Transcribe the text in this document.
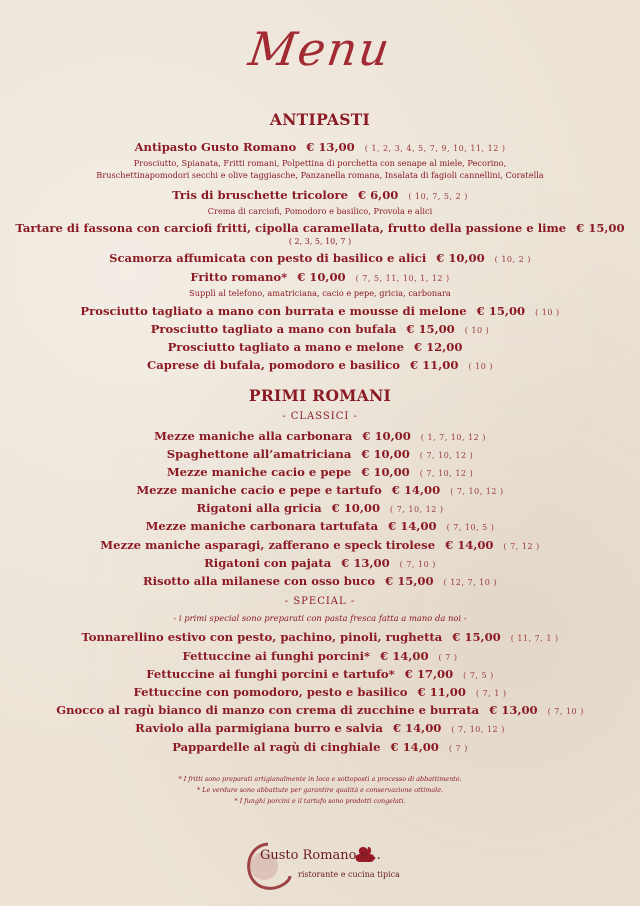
Menu
ANTIPASTI
Antipasto Gusto Romano € 13,00 ( 1, 2, 3, 4, 5, 7, 9, 10, 11, 12 )
Prosciutto, Spianata, Fritti romani, Polpettina di porchetta con senape al miele, Pecorino,
Bruschettinapomodori secchi e olive taggiasche, Panzanella romana, Insalata di fagioli cannellini, Coratella
Tris di bruschette tricolore € 6,00 ( 10, 7, 5, 2 )
Crema di carciofi, Pomodoro e basilico, Provola e alici
Tartare di fassona con carciofi fritti, cipolla caramellata, frutto della passione e lime € 15,00
( 2, 3, 5, 10, 7 )
Scamorza affumicata con pesto di basilico e alici € 10,00 ( 10, 2 )
Fritto romano* € 10,00 ( 7, 5, 11, 10, 1, 12 )
Supplì al telefono, amatriciana, cacio e pepe, gricia, carbonara
Prosciutto tagliato a mano con burrata e mousse di melone € 15,00 ( 10 )
Prosciutto tagliato a mano con bufala € 15,00 ( 10 )
Prosciutto tagliato a mano e melone € 12,00
Caprese di bufala, pomodoro e basilico € 11,00 ( 10 )
PRIMI ROMANI
- CLASSICI -
Mezze maniche alla carbonara € 10,00 ( 1, 7, 10, 12 )
Spaghettone all’amatriciana € 10,00 ( 7, 10, 12 )
Mezze maniche cacio e pepe € 10,00 ( 7, 10, 12 )
Mezze maniche cacio e pepe e tartufo € 14,00 ( 7, 10, 12 )
Rigatoni alla gricia € 10,00 ( 7, 10, 12 )
Mezze maniche carbonara tartufata € 14,00 ( 7, 10, 5 )
Mezze maniche asparagi, zafferano e speck tirolese € 14,00 ( 7, 12 )
Rigatoni con pajata € 13,00 ( 7, 10 )
Risotto alla milanese con osso buco € 15,00 ( 12, 7, 10 )
- SPECIAL -
- i primi special sono preparati con pasta fresca fatta a mano da noi -
Tonnarellino estivo con pesto, pachino, pinoli, rughetta € 15,00 ( 11, 7, 1 )
Fettuccine ai funghi porcini* € 14,00 ( 7 )
Fettuccine ai funghi porcini e tartufo* € 17,00 ( 7, 5 )
Fettuccine con pomodoro, pesto e basilico € 11,00 ( 7, 1 )
Gnocco al ragù bianco di manzo con crema di zucchine e burrata € 13,00 ( 7, 10 )
Raviolo alla parmigiana burro e salvia € 14,00 ( 7, 10, 12 )
Pappardelle al ragù di cinghiale € 14,00 ( 7 )
* I fritti sono preparati artigianalmente in loco e sottoposti a processo di abbattimento.
* Le verdure sono abbattute per garantire qualità e conservazione ottimale.
* I funghi porcini e il tartufo sono prodotti congelati.
Gusto Romano e...
ristorante e cucina tipica
